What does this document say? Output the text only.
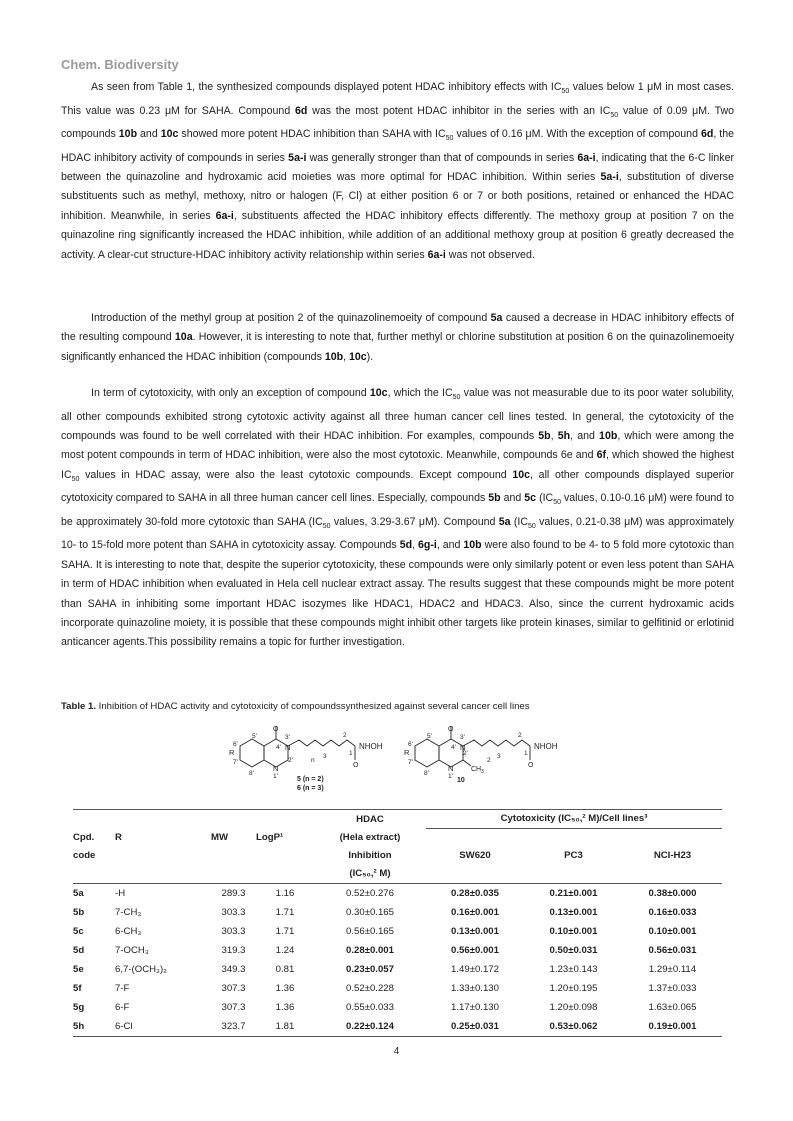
Chem. Biodiversity

As seen from Table 1, the synthesized compounds displayed potent HDAC inhibitory effects with $IC_{50}$ values below 1 μM in most cases. This value was 0.23 μM for SAHA. Compound 6d was the most potent HDAC inhibitor in the series with an $IC_{50}$ value of 0.09 μM. Two compounds 10b and 10c showed more potent HDAC inhibition than SAHA with $IC_{50}$ values of 0.16 μM. With the exception of compound 6d, the HDAC inhibitory activity of compounds in series 5a-i was generally stronger than that of compounds in series 6a-i, indicating that the 6-C linker between the quinazoline and hydroxamic acid moieties was more optimal for HDAC inhibition. Within series 5a-i, substitution of diverse substituents such as methyl, methoxy, nitro or halogen (F, Cl) at either position 6 or 7 or both positions, retained or enhanced the HDAC inhibition. Meanwhile, in series 6a-i, substituents affected the HDAC inhibitory effects differently. The methoxy group at position 7 on the quinazoline ring significantly increased the HDAC inhibition, while addition of an additional methoxy group at position 6 greatly decreased the activity. A clear-cut structure-HDAC inhibitory activity relationship within series 6a-i was not observed.

Introduction of the methyl group at position 2 of the quinazolinemoeity of compound 5a caused a decrease in HDAC inhibitory effects of the resulting compound 10a. However, it is interesting to note that, further methyl or chlorine substitution at position 6 on the quinazolinemoeity significantly enhanced the HDAC inhibition (compounds 10b, 10c).

In term of cytotoxicity, with only an exception of compound 10c, which the $IC_{50}$ value was not measurable due to its poor water solubility, all other compounds exhibited strong cytotoxic activity against all three human cancer cell lines tested. In general, the cytotoxicity of the compounds was found to be well correlated with their HDAC inhibition. For examples, compounds 5b, 5h, and 10b, which were among the most potent compounds in term of HDAC inhibition, were also the most cytotoxic. Meanwhile, compounds 6e and 6f, which showed the highest $IC_{50}$ values in HDAC assay, were also the least cytotoxic compounds. Except compound 10c, all other compounds displayed superior cytotoxicity compared to SAHA in all three human cancer cell lines. Especially, compounds 5b and 5c ($IC_{50}$ values, 0.10-0.16 μM) were found to be approximately 30-fold more cytotoxic than SAHA ($IC_{50}$ values, 3.29-3.67 μM). Compound 5a ($IC_{50}$ values, 0.21-0.38 μM) was approximately 10- to 15-fold more potent than SAHA in cytotoxicity assay. Compounds 5d, 6g-i, and 10b were also found to be 4- to 5 fold more cytotoxic than SAHA. It is interesting to note that, despite the superior cytotoxicity, these compounds were only similarly potent or even less potent than SAHA in term of HDAC inhibition when evaluated in Hela cell nuclear extract assay. The results suggest that these compounds might be more potent than SAHA in inhibiting some important HDAC isozymes like HDAC1, HDAC2 and HDAC3. Also, since the current hydroxamic acids incorporate quinazoline moiety, it is possible that these compounds might inhibit other targets like protein kinases, similar to gelfitinid or erlotinid anticancer agents.This possibility remains a topic for further investigation.

Table 1. Inhibition of HDAC activity and cytotoxicity of compoundssynthesized against several cancer cell lines
O
5'
6'
R
7'
8'
3'
N
4'
2'
N
1'
3
n
2
1
O
NHOH
5 (n = 2)
6 (n = 3)
O
5'
6'
R
7'
8'
3'
N
4'
2'
CH 3
N
1'
3
2
2
1
O
NHOH
10
				HDAC	Cytotoxicity (IC₅₀,² M)/Cell lines³		
Cpd.	R	MW	LogP¹	(Hela extract)			
code				Inhibition	SW620	PC3	NCI-H23
				(IC₅₀,² M)			
5a	-H	289.3	1.16	0.52±0.276	0.28±0.035	0.21±0.001	0.38±0.000
5b	7-CH₃	303.3	1.71	0.30±0.165	0.16±0.001	0.13±0.001	0.16±0.033
5c	6-CH₃	303.3	1.71	0.56±0.165	0.13±0.001	0.10±0.001	0.10±0.001
5d	7-OCH₃	319.3	1.24	0.28±0.001	0.56±0.001	0.50±0.031	0.56±0.031
5e	6,7-(OCH₃)₂	349.3	0.81	0.23±0.057	1.49±0.172	1.23±0.143	1.29±0.114
5f	7-F	307.3	1.36	0.52±0.228	1.33±0.130	1.20±0.195	1.37±0.033
5g	6-F	307.3	1.36	0.55±0.033	1.17±0.130	1.20±0.098	1.63±0.065
5h	6-Cl	323.7	1.81	0.22±0.124	0.25±0.031	0.53±0.062	0.19±0.001
4
